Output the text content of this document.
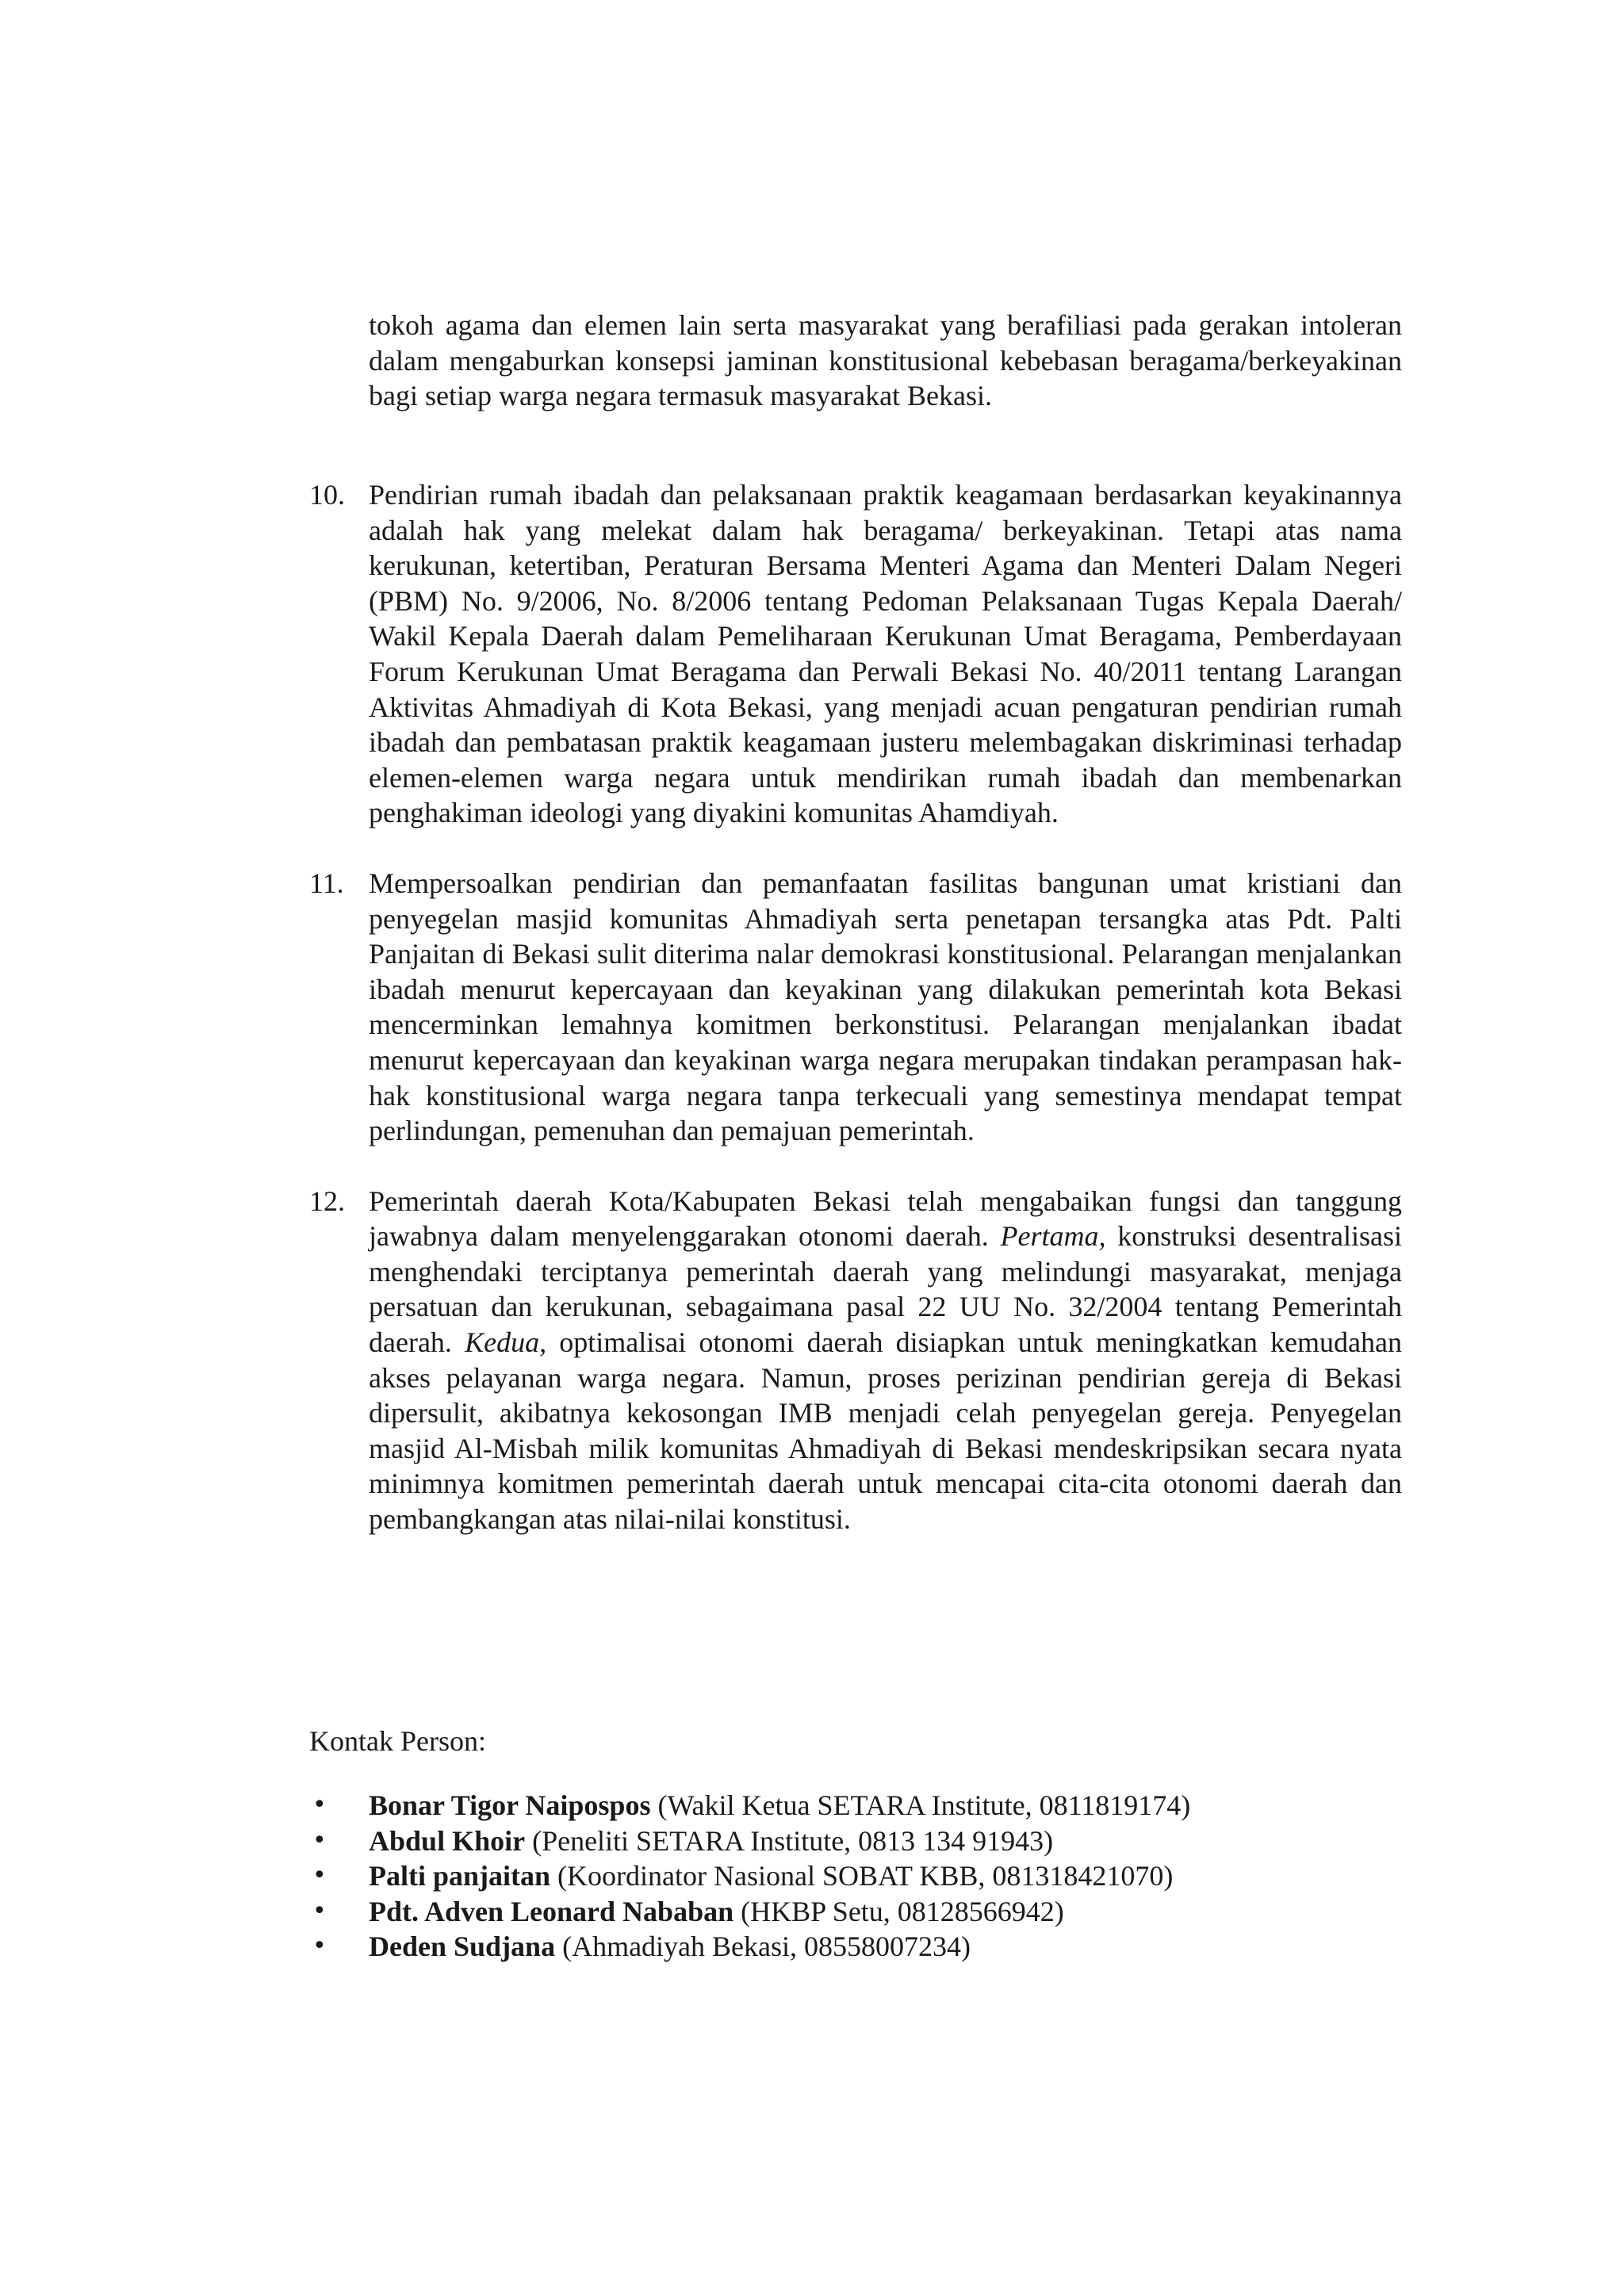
tokoh agama dan elemen lain serta masyarakat yang berafiliasi pada gerakan intoleran dalam mengaburkan konsepsi jaminan konstitusional kebebasan beragama/berkeyakinan bagi setiap warga negara termasuk masyarakat Bekasi.

10. Pendirian rumah ibadah dan pelaksanaan praktik keagamaan berdasarkan keyakinannya adalah hak yang melekat dalam hak beragama/ berkeyakinan. Tetapi atas nama kerukunan, ketertiban, Peraturan Bersama Menteri Agama dan Menteri Dalam Negeri (PBM) No. 9/2006, No. 8/2006 tentang Pedoman Pelaksanaan Tugas Kepala Daerah/ Wakil Kepala Daerah dalam Pemeliharaan Kerukunan Umat Beragama, Pemberdayaan Forum Kerukunan Umat Beragama dan Perwali Bekasi No. 40/2011 tentang Larangan Aktivitas Ahmadiyah di Kota Bekasi, yang menjadi acuan pengaturan pendirian rumah ibadah dan pembatasan praktik keagamaan justeru melembagakan diskriminasi terhadap elemen-elemen warga negara untuk mendirikan rumah ibadah dan membenarkan penghakiman ideologi yang diyakini komunitas Ahamdiyah.
11. Mempersoalkan pendirian dan pemanfaatan fasilitas bangunan umat kristiani dan penyegelan masjid komunitas Ahmadiyah serta penetapan tersangka atas Pdt. Palti Panjaitan di Bekasi sulit diterima nalar demokrasi konstitusional. Pelarangan menjalankan ibadah menurut kepercayaan dan keyakinan yang dilakukan pemerintah kota Bekasi mencerminkan lemahnya komitmen berkonstitusi. Pelarangan menjalankan ibadat menurut kepercayaan dan keyakinan warga negara merupakan tindakan perampasan hak-hak konstitusional warga negara tanpa terkecuali yang semestinya mendapat tempat perlindungan, pemenuhan dan pemajuan pemerintah.
12. Pemerintah daerah Kota/Kabupaten Bekasi telah mengabaikan fungsi dan tanggung jawabnya dalam menyelenggarakan otonomi daerah. Pertama, konstruksi desentralisasi menghendaki terciptanya pemerintah daerah yang melindungi masyarakat, menjaga persatuan dan kerukunan, sebagaimana pasal 22 UU No. 32/2004 tentang Pemerintah daerah. Kedua, optimalisai otonomi daerah disiapkan untuk meningkatkan kemudahan akses pelayanan warga negara. Namun, proses perizinan pendirian gereja di Bekasi dipersulit, akibatnya kekosongan IMB menjadi celah penyegelan gereja. Penyegelan masjid Al-Misbah milik komunitas Ahmadiyah di Bekasi mendeskripsikan secara nyata minimnya komitmen pemerintah daerah untuk mencapai cita-cita otonomi daerah dan pembangkangan atas nilai-nilai konstitusi.

Kontak Person:

• Bonar Tigor Naipospos (Wakil Ketua SETARA Institute, 0811819174)
• Abdul Khoir (Peneliti SETARA Institute, 0813 134 91943)
• Palti panjaitan (Koordinator Nasional SOBAT KBB, 081318421070)
• Pdt. Adven Leonard Nababan (HKBP Setu, 08128566942)
• Deden Sudjana (Ahmadiyah Bekasi, 08558007234)
